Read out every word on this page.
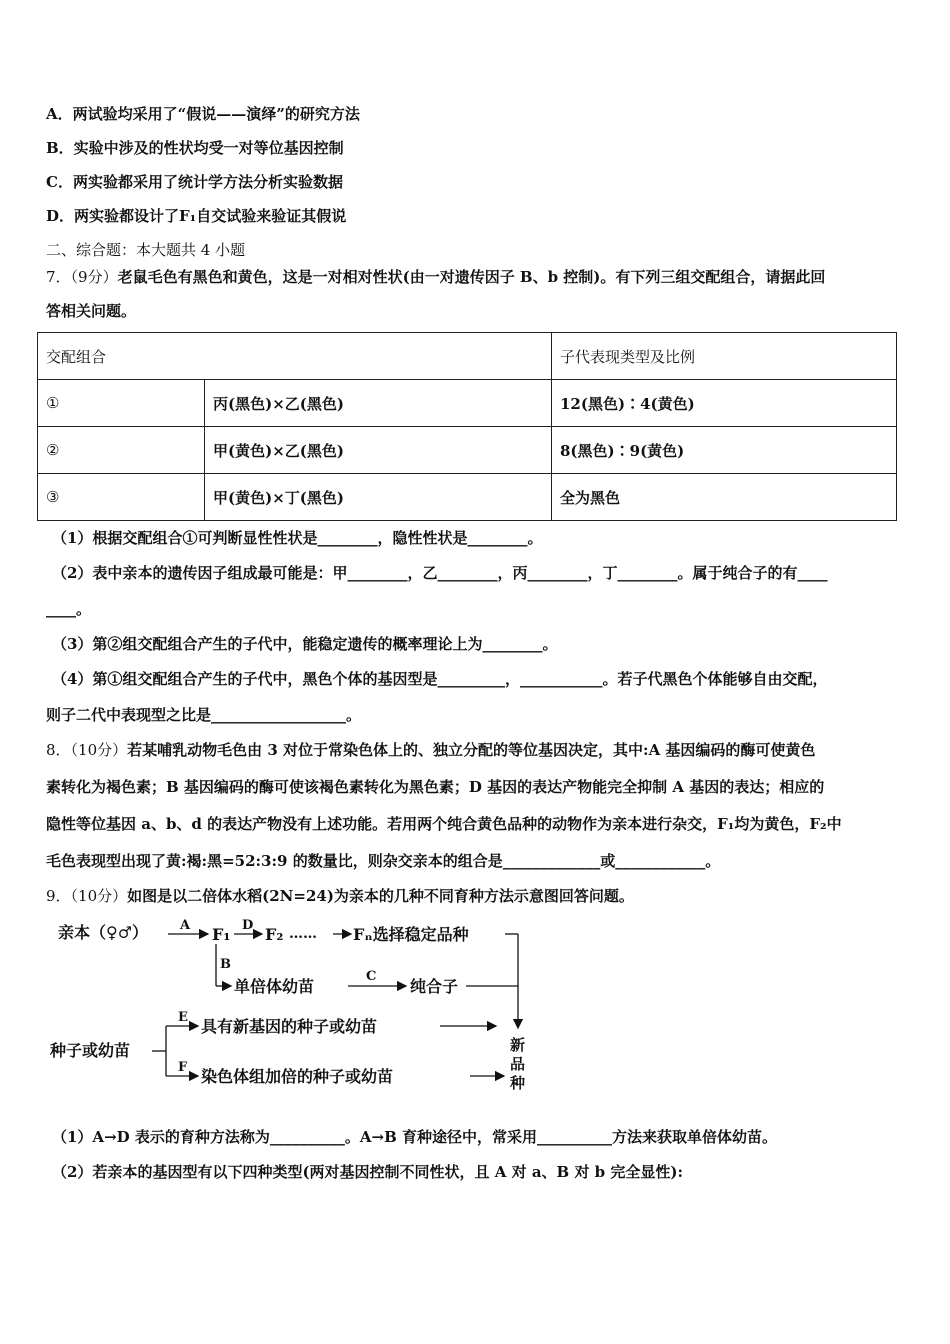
A．两试验均采用了“假说——演绎”的研究方法
B．实验中涉及的性状均受一对等位基因控制
C．两实验都采用了统计学方法分析实验数据
D．两实验都设计了F₁自交试验来验证其假说
二、综合题：本大题共 4 小题
7．（9分）老鼠毛色有黑色和黄色，这是一对相对性状(由一对遗传因子 B、b 控制)。有下列三组交配组合，请据此回
答相关问题。
交配组合		子代表现类型及比例
①	丙(黑色)×乙(黑色)	12(黑色)∶4(黄色)
②	甲(黄色)×乙(黑色)	8(黑色)∶9(黄色)
③	甲(黄色)×丁(黑色)	全为黑色
（1）根据交配组合①可判断显性性状是________，隐性性状是________。
（2）表中亲本的遗传因子组成最可能是：甲________，乙________，丙________，丁________。属于纯合子的有____
____。
（3）第②组交配组合产生的子代中，能稳定遗传的概率理论上为________。
（4）第①组交配组合产生的子代中，黑色个体的基因型是_________，___________。若子代黑色个体能够自由交配，
则子二代中表现型之比是__________________。
8．（10分）若某哺乳动物毛色由 3 对位于常染色体上的、独立分配的等位基因决定，其中:A 基因编码的酶可使黄色
素转化为褐色素；B 基因编码的酶可使该褐色素转化为黑色素；D 基因的表达产物能完全抑制 A 基因的表达；相应的
隐性等位基因 a、b、d 的表达产物没有上述功能。若用两个纯合黄色品种的动物作为亲本进行杂交，F₁均为黄色，F₂中
毛色表现型出现了黄:褐:黑=52:3:9 的数量比，则杂交亲本的组合是_____________或____________。
9．（10分）如图是以二倍体水稻(2N=24)为亲本的几种不同育种方法示意图回答问题。
亲本（♀♂） A F₁ D F₂ …… Fₙ选择稳定品种
B
单倍体幼苗
C
纯合子
种子或幼苗
E
F
具有新基因的种子或幼苗
染色体组加倍的种子或幼苗
新
品
种
（1）A→D 表示的育种方法称为__________。A→B 育种途径中，常采用__________方法来获取单倍体幼苗。
（2）若亲本的基因型有以下四种类型(两对基因控制不同性状，且 A 对 a、B 对 b 完全显性):
